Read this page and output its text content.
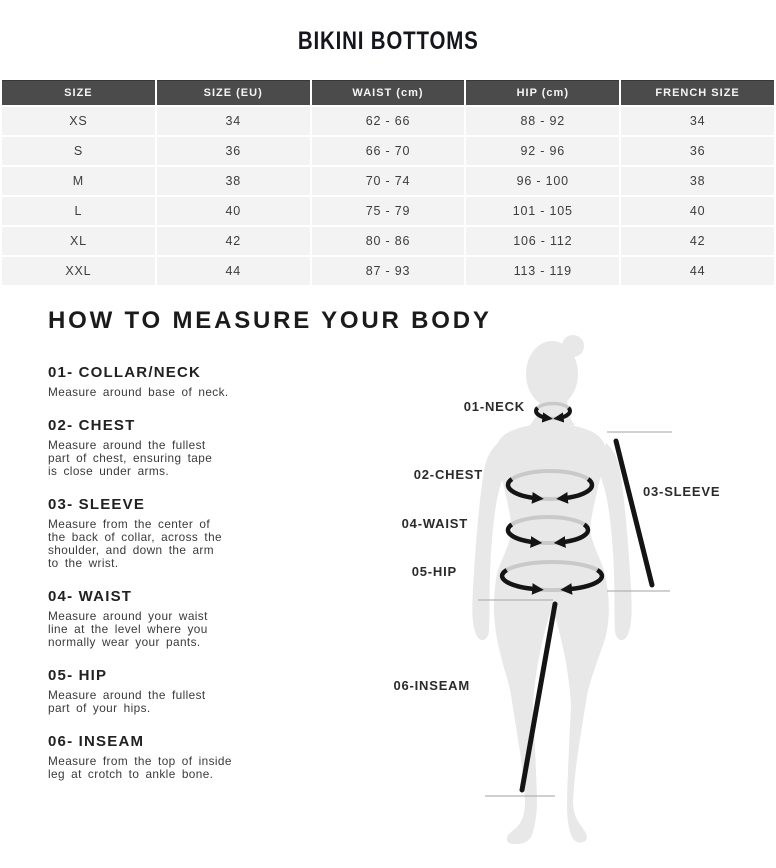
BIKINI BOTTOMS
SIZE	SIZE (EU)	WAIST (cm)	HIP (cm)	FRENCH SIZE
XS	34	62 - 66	88 - 92	34
S	36	66 - 70	92 - 96	36
M	38	70 - 74	96 - 100	38
L	40	75 - 79	101 - 105	40
XL	42	80 - 86	106 - 112	42
XXL	44	87 - 93	113 - 119	44
HOW TO MEASURE YOUR BODY
01- COLLAR/NECK

Measure around base of neck.

02- CHEST

Measure around the fullest
part of chest, ensuring tape
is close under arms.

03- SLEEVE

Measure from the center of
the back of collar, across the
shoulder, and down the arm
to the wrist.

04- WAIST

Measure around your waist
line at the level where you
normally wear your pants.

05- HIP

Measure around the fullest
part of your hips.

06- INSEAM

Measure from the top of inside
leg at crotch to ankle bone.

01-NECK
02-CHEST
03-SLEEVE
04-WAIST
05-HIP
06-INSEAM
